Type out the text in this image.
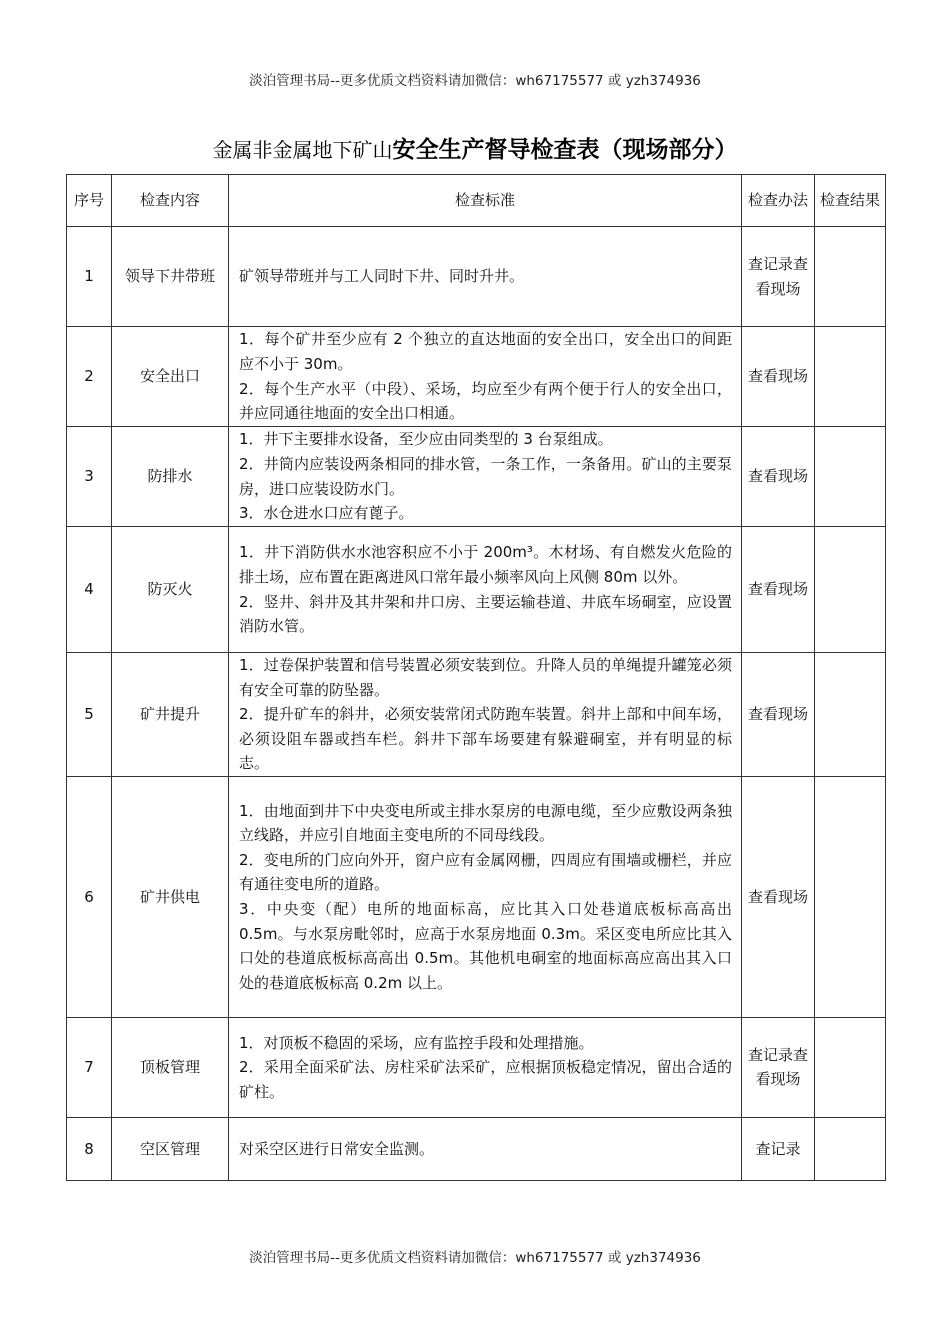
淡泊管理书局--更多优质文档资料请加微信：wh67175577 或 yzh374936
金属非金属地下矿山安全生产督导检查表（现场部分）
序号	检查内容	检查标准	检查办法	检查结果
1	领导下井带班	矿领导带班并与工人同时下井、同时升井。	查记录查看现场	
2	安全出口	1．每个矿井至少应有 2 个独立的直达地面的安全出口，安全出口的间距应不小于 30m。
2．每个生产水平（中段）、采场，均应至少有两个便于行人的安全出口，并应同通往地面的安全出口相通。	查看现场	
3	防排水	1．井下主要排水设备，至少应由同类型的 3 台泵组成。
2．井筒内应装设两条相同的排水管，一条工作，一条备用。矿山的主要泵房，进口应装设防水门。
3．水仓进水口应有蓖子。	查看现场	
4	防灭火	1．井下消防供水水池容积应不小于 200m³。木材场、有自燃发火危险的排土场，应布置在距离进风口常年最小频率风向上风侧 80m 以外。
2．竖井、斜井及其井架和井口房、主要运输巷道、井底车场硐室，应设置消防水管。	查看现场	
5	矿井提升	1．过卷保护装置和信号装置必须安装到位。升降人员的单绳提升罐笼必须有安全可靠的防坠器。
2．提升矿车的斜井，必须安装常闭式防跑车装置。斜井上部和中间车场，必须设阻车器或挡车栏。斜井下部车场要建有躲避硐室，并有明显的标志。	查看现场	
6	矿井供电	1．由地面到井下中央变电所或主排水泵房的电源电缆，至少应敷设两条独立线路，并应引自地面主变电所的不同母线段。
2．变电所的门应向外开，窗户应有金属网栅，四周应有围墙或栅栏，并应有通往变电所的道路。
3．中央变（配）电所的地面标高，应比其入口处巷道底板标高高出 0.5m。与水泵房毗邻时，应高于水泵房地面 0.3m。采区变电所应比其入口处的巷道底板标高高出 0.5m。其他机电硐室的地面标高应高出其入口处的巷道底板标高 0.2m 以上。	查看现场	
7	顶板管理	1．对顶板不稳固的采场，应有监控手段和处理措施。
2．采用全面采矿法、房柱采矿法采矿，应根据顶板稳定情况，留出合适的矿柱。	查记录查看现场	
8	空区管理	对采空区进行日常安全监测。	查记录	
淡泊管理书局--更多优质文档资料请加微信：wh67175577 或 yzh374936
